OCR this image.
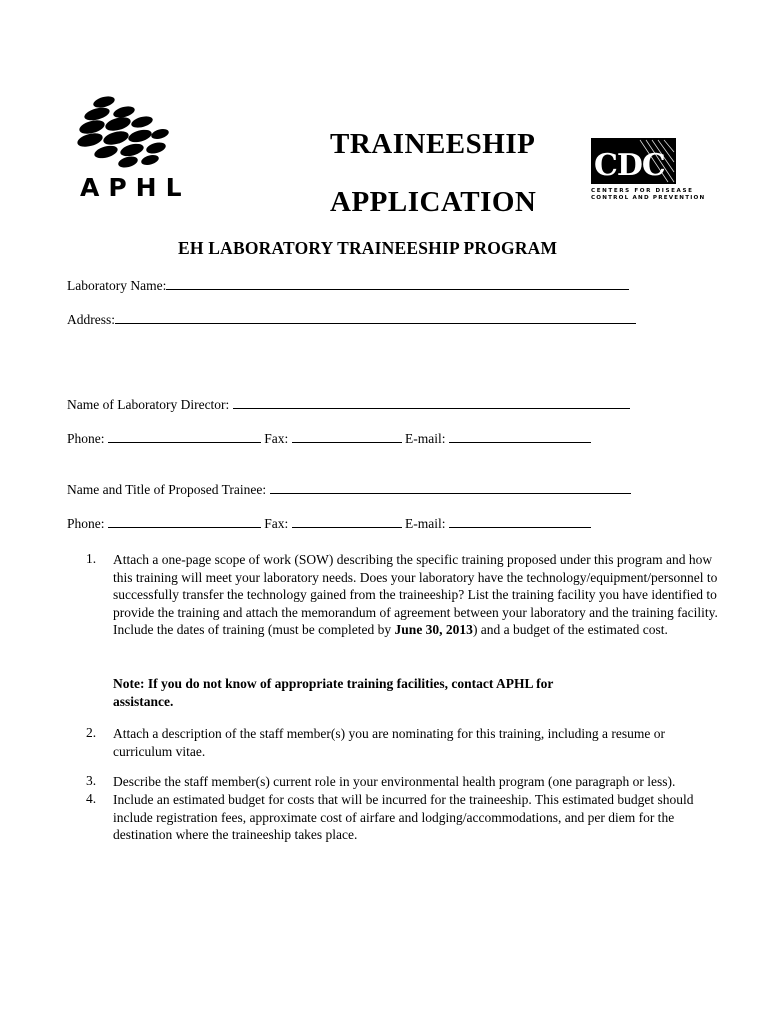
APHL
TRAINEESHIP
APPLICATION
CDC
CENTERS FOR DISEASE
CONTROL AND PREVENTION
EH LABORATORY TRAINEESHIP PROGRAM
Laboratory Name:
Address:
Name of Laboratory Director:
Phone:	Fax:	E-mail:
Name and Title of Proposed Trainee:
Phone:	Fax:	E-mail:
1. Attach a one-page scope of work (SOW) describing the specific training proposed under this program and how this training will meet your laboratory needs. Does your laboratory have the technology/equipment/personnel to successfully transfer the technology gained from the traineeship? List the training facility you have identified to provide the training and attach the memorandum of agreement between your laboratory and the training facility. Include the dates of training (must be completed by June 30, 2013) and a budget of the estimated cost.
Note: If you do not know of appropriate training facilities, contact APHL for assistance.
2. Attach a description of the staff member(s) you are nominating for this training, including a resume or curriculum vitae.
3. Describe the staff member(s) current role in your environmental health program (one paragraph or less).
4. Include an estimated budget for costs that will be incurred for the traineeship. This estimated budget should include registration fees, approximate cost of airfare and lodging/accommodations, and per diem for the destination where the traineeship takes place.
